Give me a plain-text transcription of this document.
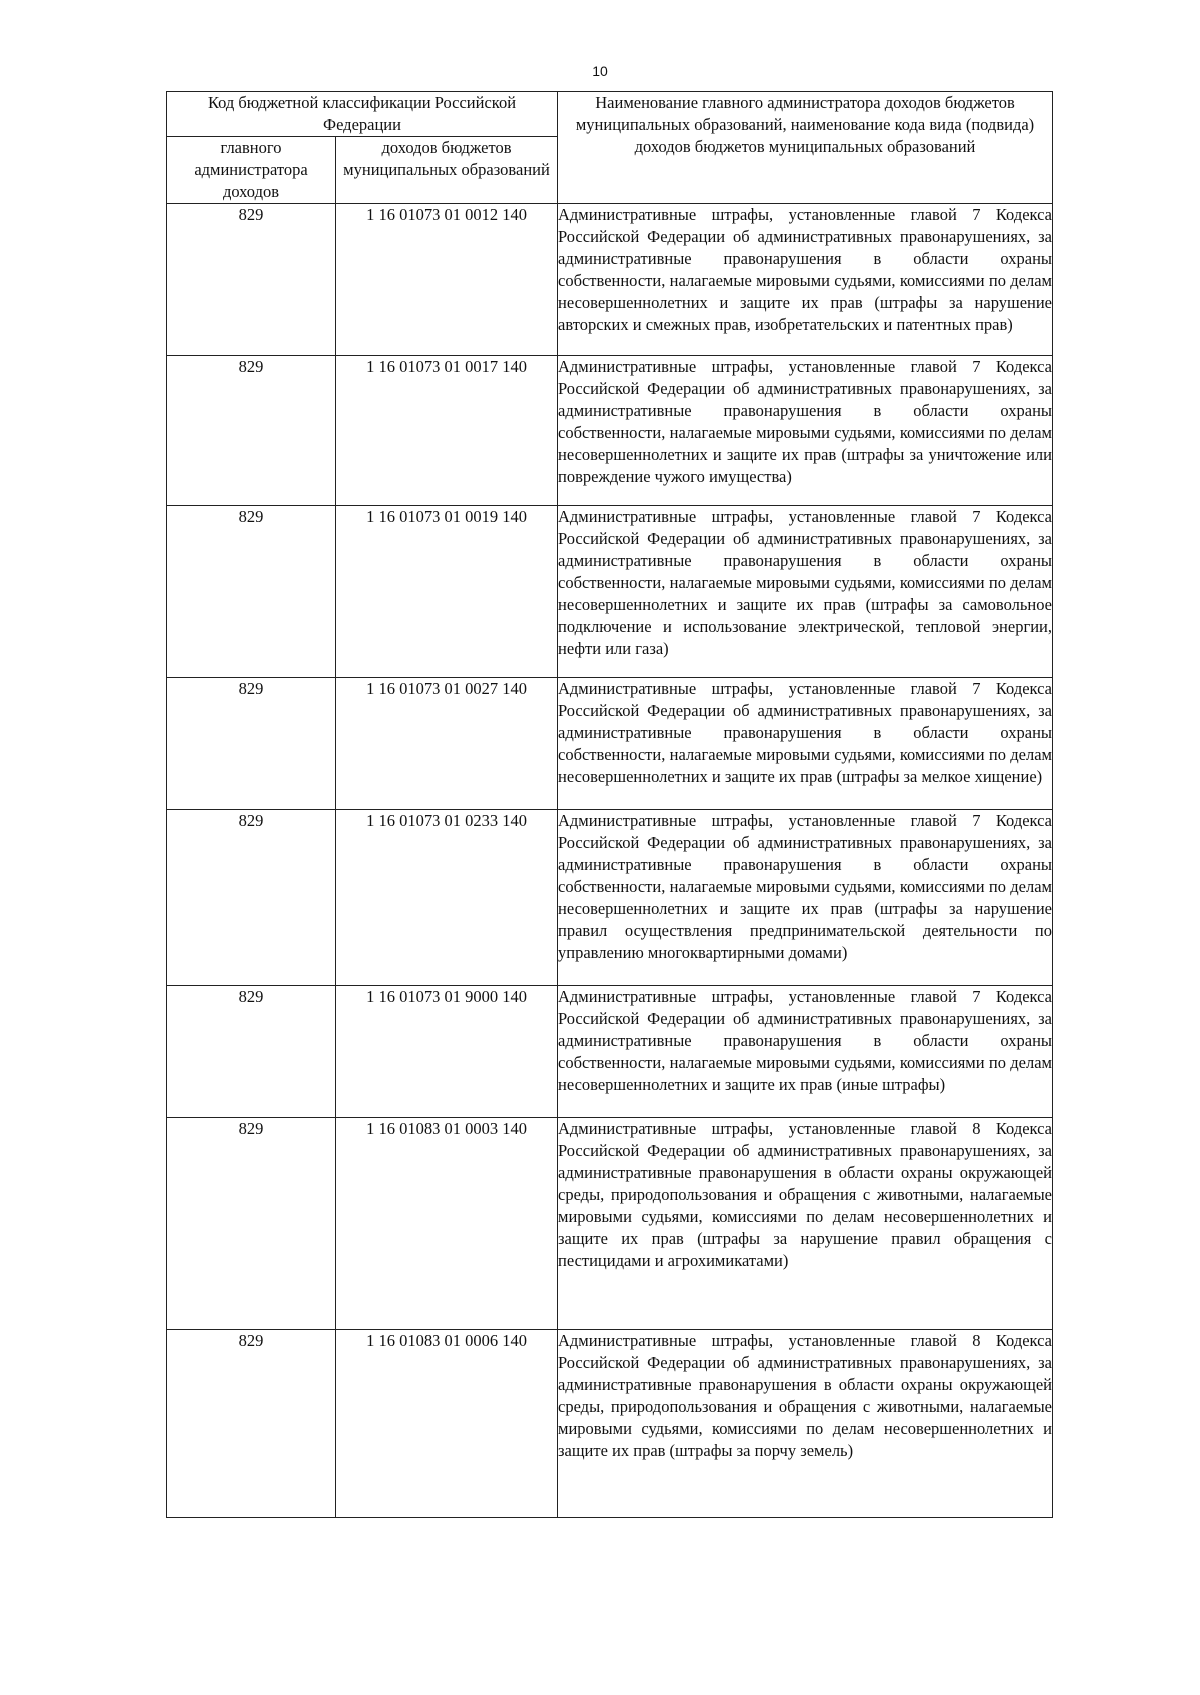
10
Код бюджетной классификации Российской Федерации		Наименование главного администратора доходов бюджетов муниципальных образований, наименование кода вида (подвида) доходов бюджетов муниципальных образований
главного администратора доходов	доходов бюджетов муниципальных образований	
829	1 16 01073 01 0012 140	Административные штрафы, установленные главой 7 Кодекса Российской Федерации об административных правонарушениях, за административные правонарушения в области охраны собственности, налагаемые мировыми судьями, комиссиями по делам несовершеннолетних и защите их прав (штрафы за нарушение авторских и смежных прав, изобретательских и патентных прав)
829	1 16 01073 01 0017 140	Административные штрафы, установленные главой 7 Кодекса Российской Федерации об административных правонарушениях, за административные правонарушения в области охраны собственности, налагаемые мировыми судьями, комиссиями по делам несовершеннолетних и защите их прав (штрафы за уничтожение или повреждение чужого имущества)
829	1 16 01073 01 0019 140	Административные штрафы, установленные главой 7 Кодекса Российской Федерации об административных правонарушениях, за административные правонарушения в области охраны собственности, налагаемые мировыми судьями, комиссиями по делам несовершеннолетних и защите их прав (штрафы за самовольное подключение и использование электрической, тепловой энергии, нефти или газа)
829	1 16 01073 01 0027 140	Административные штрафы, установленные главой 7 Кодекса Российской Федерации об административных правонарушениях, за административные правонарушения в области охраны собственности, налагаемые мировыми судьями, комиссиями по делам несовершеннолетних и защите их прав (штрафы за мелкое хищение)
829	1 16 01073 01 0233 140	Административные штрафы, установленные главой 7 Кодекса Российской Федерации об административных правонарушениях, за административные правонарушения в области охраны собственности, налагаемые мировыми судьями, комиссиями по делам несовершеннолетних и защите их прав (штрафы за нарушение правил осуществления предпринимательской деятельности по управлению многоквартирными домами)
829	1 16 01073 01 9000 140	Административные штрафы, установленные главой 7 Кодекса Российской Федерации об административных правонарушениях, за административные правонарушения в области охраны собственности, налагаемые мировыми судьями, комиссиями по делам несовершеннолетних и защите их прав (иные штрафы)
829	1 16 01083 01 0003 140	Административные штрафы, установленные главой 8 Кодекса Российской Федерации об административных правонарушениях, за административные правонарушения в области охраны окружающей среды, природопользования и обращения с животными, налагаемые мировыми судьями, комиссиями по делам несовершеннолетних и защите их прав (штрафы за нарушение правил обращения с пестицидами и агрохимикатами)
829	1 16 01083 01 0006 140	Административные штрафы, установленные главой 8 Кодекса Российской Федерации об административных правонарушениях, за административные правонарушения в области охраны окружающей среды, природопользования и обращения с животными, налагаемые мировыми судьями, комиссиями по делам несовершеннолетних и защите их прав (штрафы за порчу земель)
